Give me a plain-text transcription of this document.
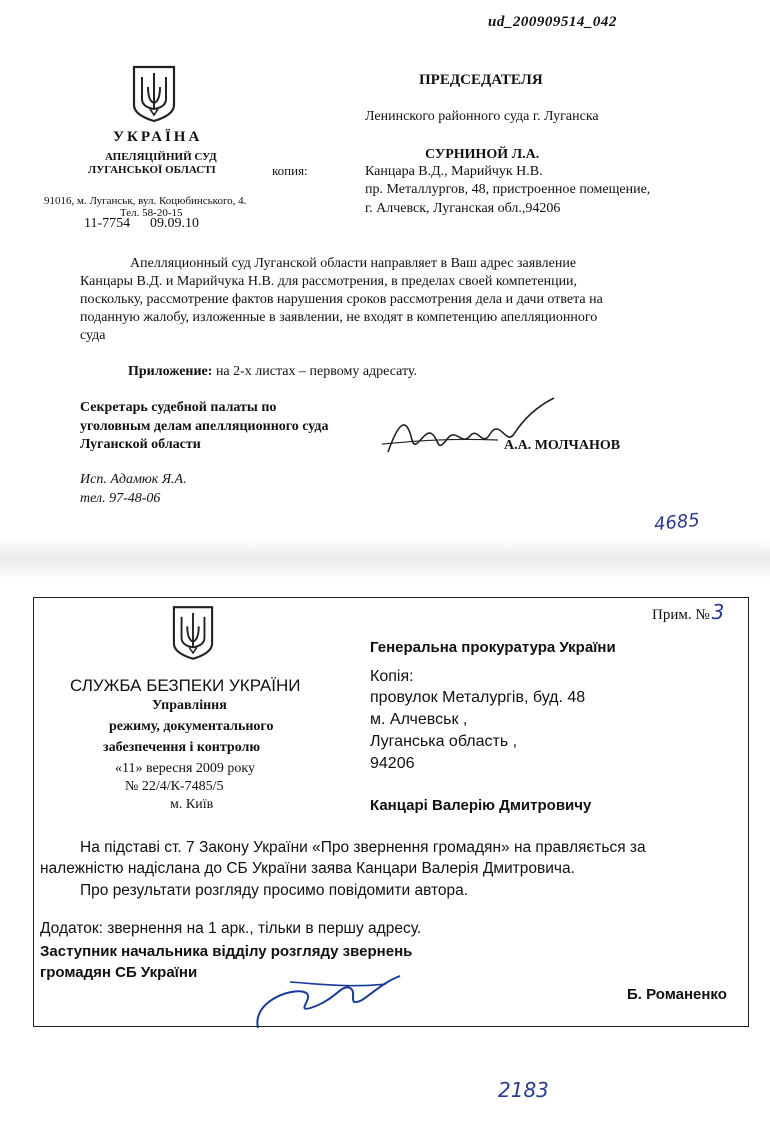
ud_200909514_042
УКРАЇНА
АПЕЛЯЦІЙНИЙ СУД
ЛУГАНСЬКОЇ ОБЛАСТІ
91016, м. Луганськ, вул. Коцюбинського, 4.
Тел. 58-20-15
11-7754 09.09.10
копия:
ПРЕДСЕДАТЕЛЯ
Ленинского районного суда г. Луганска
СУРНИНОЙ Л.А.
Канцара В.Д., Марийчук Н.В.
пр. Металлургов, 48, пристроенное помещение,
г. Алчевск, Луганская обл.,94206
Апелляционный суд Луганской области направляет в Ваш адрес заявление
Канцары В.Д. и Марийчука Н.В. для рассмотрения, в пределах своей компетенции,
поскольку, рассмотрение фактов нарушения сроков рассмотрения дела и дачи ответа на
поданную жалобу, изложенные в заявлении, не входят в компетенцию апелляционного
суда
Приложение: на 2-х листах – первому адресату.
Секретарь судебной палаты по
уголовным делам апелляционного суда
Луганской области	А.А. МОЛЧАНОВ
Исп. Адамюк Я.А.
тел. 97-48-06
4685
Прим. № 3
СЛУЖБА БЕЗПЕКИ УКРАЇНИ
Управління
режиму, документального
забезпечення і контролю
«11» вересня 2009 року
№ 22/4/К-7485/5
м. Київ
Генеральна прокуратура України
Копія:
провулок Металургів, буд. 48
м. Алчевськ ,
Луганська область ,
94206
Канцарі Валерію Дмитровичу
На підставі ст. 7 Закону України «Про звернення громадян» на правляється за
належністю надіслана до СБ України заява Канцари Валерія Дмитровича.
Про результати розгляду просимо повідомити автора.
Додаток: звернення на 1 арк., тільки в першу адресу.
Заступник начальника відділу розгляду звернень
громадян СБ України
Б. Романенко
2183
